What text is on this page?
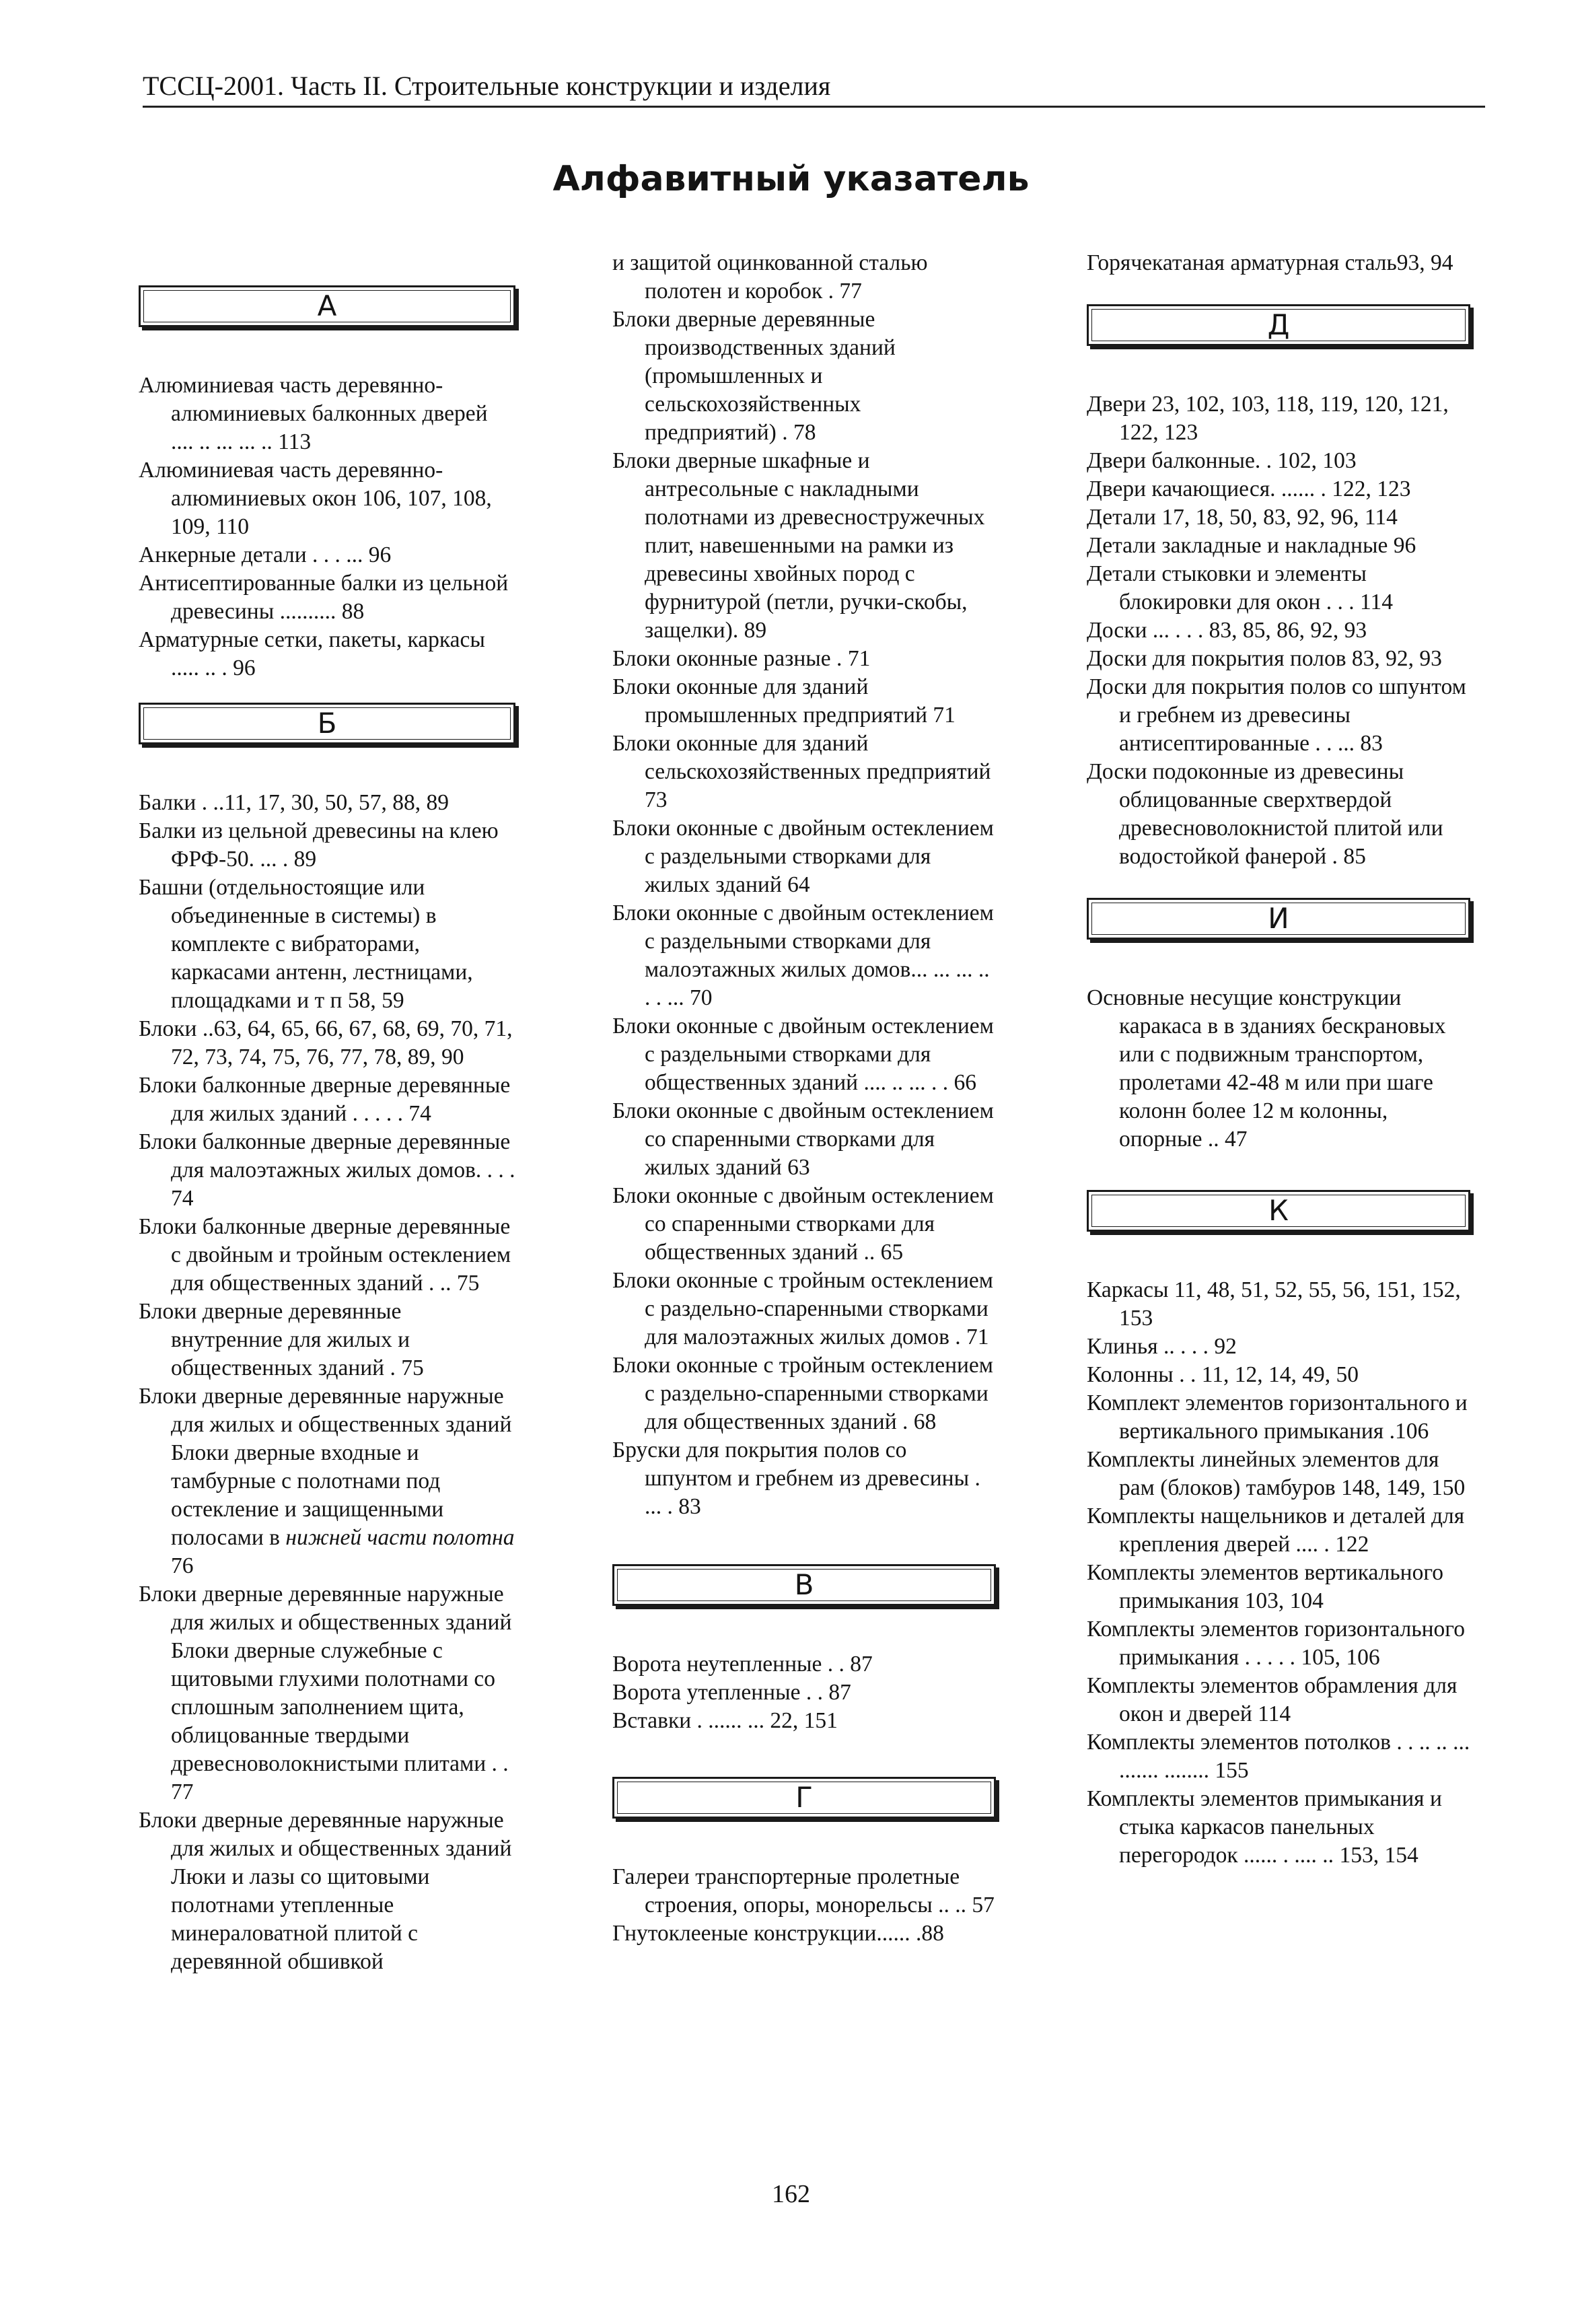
ТССЦ-2001. Часть II. Строительные конструкции и изделия
Алфавитный указатель
А
Алюминиевая часть деревянно-алюминиевых балконных дверей .... .. ... ... .. 113
Алюминиевая часть деревянно-алюминиевых окон 106, 107, 108, 109, 110
Анкерные детали . . . ... 96
Антисептированные балки из цельной древесины .......... 88
Арматурные сетки, пакеты, каркасы ..... .. . 96
Б
Балки . ..11, 17, 30, 50, 57, 88, 89
Балки из цельной древесины на клею ФРФ-50. ... . 89
Башни (отдельностоящие или объединенные в системы) в комплекте с вибраторами, каркасами антенн, лестницами, площадками и т п 58, 59
Блоки ..63, 64, 65, 66, 67, 68, 69, 70, 71, 72, 73, 74, 75, 76, 77, 78, 89, 90
Блоки балконные дверные деревянные для жилых зданий . . . . . 74
Блоки балконные дверные деревянные для малоэтажных жилых домов. . . . 74
Блоки балконные дверные деревянные с двойным и тройным остеклением для общественных зданий . .. 75
Блоки дверные деревянные внутренние для жилых и общественных зданий . 75
Блоки дверные деревянные наружные для жилых и общественных зданий Блоки дверные входные и тамбурные с полотнами под остекление и защищенными полосами в нижней части полотна 76
Блоки дверные деревянные наружные для жилых и общественных зданий Блоки дверные служебные с щитовыми глухими полотнами со сплошным заполнением щита, облицованные твердыми древесноволокнистыми плитами . . 77
Блоки дверные деревянные наружные для жилых и общественных зданий Люки и лазы со щитовыми полотнами утепленные минераловатной плитой с деревянной обшивкой
и защитой оцинкованной сталью полотен и коробок . 77
Блоки дверные деревянные производственных зданий (промышленных и сельскохозяйственных предприятий) . 78
Блоки дверные шкафные и антресольные с накладными полотнами из древесностружечных плит, навешенными на рамки из древесины хвойных пород с фурнитурой (петли, ручки-скобы, защелки). 89
Блоки оконные разные . 71
Блоки оконные для зданий промышленных предприятий 71
Блоки оконные для зданий сельскохозяйственных предприятий 73
Блоки оконные с двойным остеклением с раздельными створками для жилых зданий 64
Блоки оконные с двойным остеклением с раздельными створками для малоэтажных жилых домов... ... ... .. . . ... 70
Блоки оконные с двойным остеклением с раздельными створками для общественных зданий .... .. ... . . 66
Блоки оконные с двойным остеклением со спаренными створками для жилых зданий 63
Блоки оконные с двойным остеклением со спаренными створками для общественных зданий .. 65
Блоки оконные с тройным остеклением с раздельно-спаренными створками для малоэтажных жилых домов . 71
Блоки оконные с тройным остеклением с раздельно-спаренными створками для общественных зданий . 68
Бруски для покрытия полов со шпунтом и гребнем из древесины . ... . 83
В
Ворота неутепленные . . 87
Ворота утепленные . . 87
Вставки . ...... ... 22, 151
Г
Галереи транспортерные пролетные строения, опоры, монорельсы .. .. 57
Гнутоклееные конструкции...... .88
Горячекатаная арматурная сталь93, 94
Д
Двери 23, 102, 103, 118, 119, 120, 121, 122, 123
Двери балконные. . 102, 103
Двери качающиеся. ...... . 122, 123
Детали 17, 18, 50, 83, 92, 96, 114
Детали закладные и накладные 96
Детали стыковки и элементы блокировки для окон . . . 114
Доски ... . . . 83, 85, 86, 92, 93
Доски для покрытия полов 83, 92, 93
Доски для покрытия полов со шпунтом и гребнем из древесины антисептированные . . ... 83
Доски подоконные из древесины облицованные сверхтвердой древесноволокнистой плитой или водостойкой фанерой . 85
И
Основные несущие конструкции каракаса в в зданиях бескрановых или с подвижным транспортом, пролетами 42-48 м или при шаге колонн более 12 м колонны, опорные .. 47
К
Каркасы 11, 48, 51, 52, 55, 56, 151, 152, 153
Клинья .. . . . 92
Колонны . . 11, 12, 14, 49, 50
Комплект элементов горизонтального и вертикального примыкания .106
Комплекты линейных элементов для рам (блоков) тамбуров 148, 149, 150
Комплекты нащельников и деталей для крепления дверей .... . 122
Комплекты элементов вертикального примыкания 103, 104
Комплекты элементов горизонтального примыкания . . . . . 105, 106
Комплекты элементов обрамления для окон и дверей 114
Комплекты элементов потолков . . .. .. ... ....... ........ 155
Комплекты элементов примыкания и стыка каркасов панельных перегородок ...... . .... .. 153, 154
162
